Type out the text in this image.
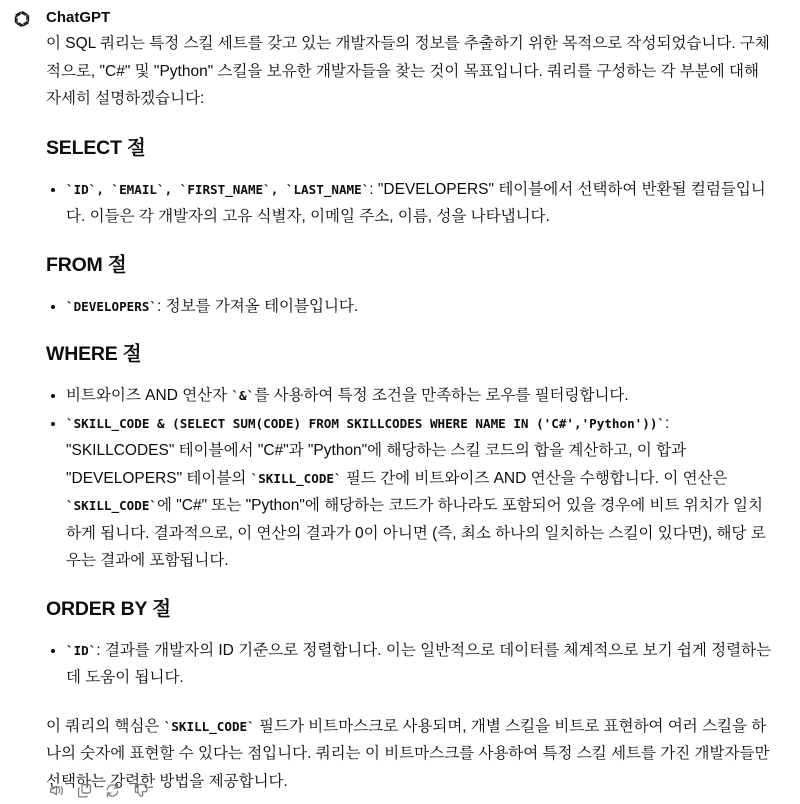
ChatGPT

이 SQL 쿼리는 특정 스킬 세트를 갖고 있는 개발자들의 정보를 추출하기 위한 목적으로 작성되었습니다. 구체적으로, "C#" 및 "Python" 스킬을 보유한 개발자들을 찾는 것이 목표입니다. 쿼리를 구성하는 각 부분에 대해 자세히 설명하겠습니다:

SELECT 절
• `ID`, `EMAIL`, `FIRST_NAME`, `LAST_NAME`: "DEVELOPERS" 테이블에서 선택하여 반환될 컬럼들입니다. 이들은 각 개발자의 고유 식별자, 이메일 주소, 이름, 성을 나타냅니다.
FROM 절
• `DEVELOPERS`: 정보를 가져올 테이블입니다.
WHERE 절
• 비트와이즈 AND 연산자 `&`를 사용하여 특정 조건을 만족하는 로우를 필터링합니다.
• `SKILL_CODE & (SELECT SUM(CODE) FROM SKILLCODES WHERE NAME IN ('C#','Python'))`: "SKILLCODES" 테이블에서 "C#"과 "Python"에 해당하는 스킬 코드의 합을 계산하고, 이 합과 "DEVELOPERS" 테이블의 `SKILL_CODE` 필드 간에 비트와이즈 AND 연산을 수행합니다. 이 연산은 `SKILL_CODE`에 "C#" 또는 "Python"에 해당하는 코드가 하나라도 포함되어 있을 경우에 비트 위치가 일치하게 됩니다. 결과적으로, 이 연산의 결과가 0이 아니면 (즉, 최소 하나의 일치하는 스킬이 있다면), 해당 로우는 결과에 포함됩니다.
ORDER BY 절
• `ID`: 결과를 개발자의 ID 기준으로 정렬합니다. 이는 일반적으로 데이터를 체계적으로 보기 쉽게 정렬하는 데 도움이 됩니다.

이 쿼리의 핵심은 `SKILL_CODE` 필드가 비트마스크로 사용되며, 개별 스킬을 비트로 표현하여 여러 스킬을 하나의 숫자에 표현할 수 있다는 점입니다. 쿼리는 이 비트마스크를 사용하여 특정 스킬 세트를 가진 개발자들만 선택하는 강력한 방법을 제공합니다.
